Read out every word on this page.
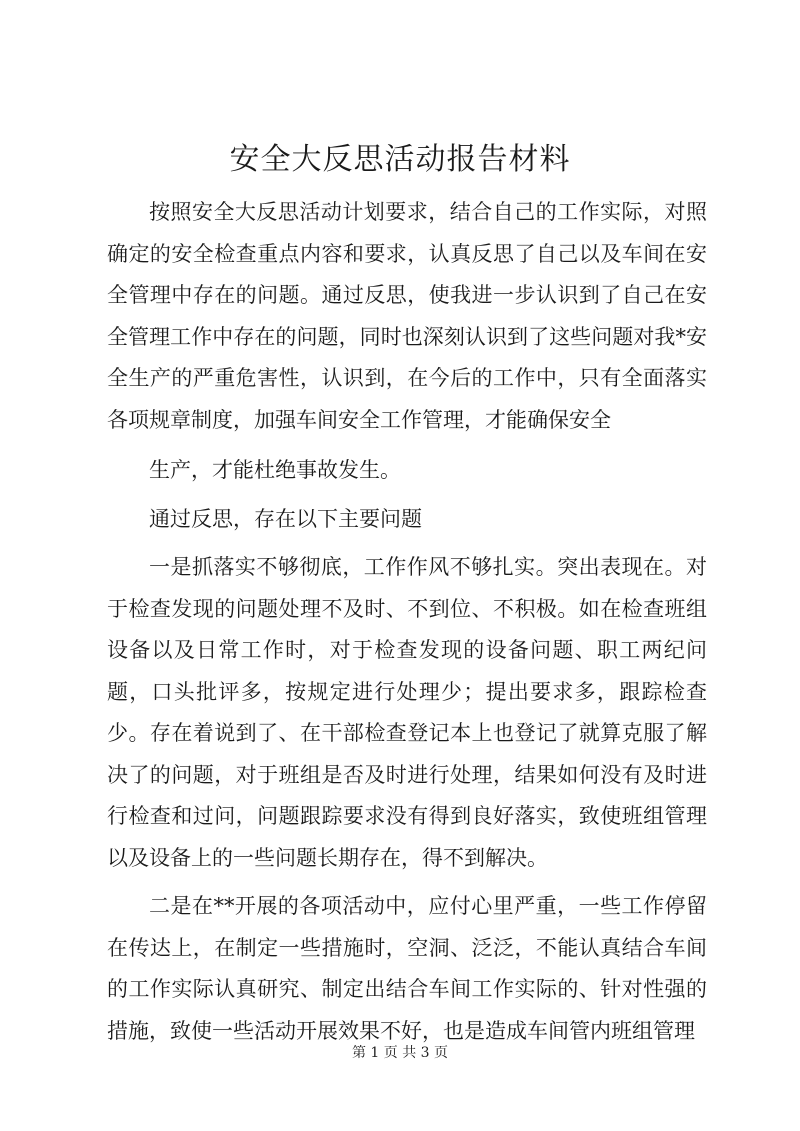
安全大反思活动报告材料

按照安全大反思活动计划要求，结合自己的工作实际，对照确定的安全检查重点内容和要求，认真反思了自己以及车间在安全管理中存在的问题。通过反思，使我进一步认识到了自己在安全管理工作中存在的问题，同时也深刻认识到了这些问题对我*安全生产的严重危害性，认识到，在今后的工作中，只有全面落实各项规章制度，加强车间安全工作管理，才能确保安全

生产，才能杜绝事故发生。

通过反思，存在以下主要问题

一是抓落实不够彻底，工作作风不够扎实。突出表现在。对于检查发现的问题处理不及时、不到位、不积极。如在检查班组设备以及日常工作时，对于检查发现的设备问题、职工两纪问题，口头批评多，按规定进行处理少；提出要求多，跟踪检查少。存在着说到了、在干部检查登记本上也登记了就算克服了解决了的问题，对于班组是否及时进行处理，结果如何没有及时进行检查和过问，问题跟踪要求没有得到良好落实，致使班组管理以及设备上的一些问题长期存在，得不到解决。

二是在**开展的各项活动中，应付心里严重，一些工作停留在传达上，在制定一些措施时，空洞、泛泛，不能认真结合车间的工作实际认真研究、制定出结合车间工作实际的、针对性强的措施，致使一些活动开展效果不好，也是造成车间管内班组管理

第 1 页 共 3 页
